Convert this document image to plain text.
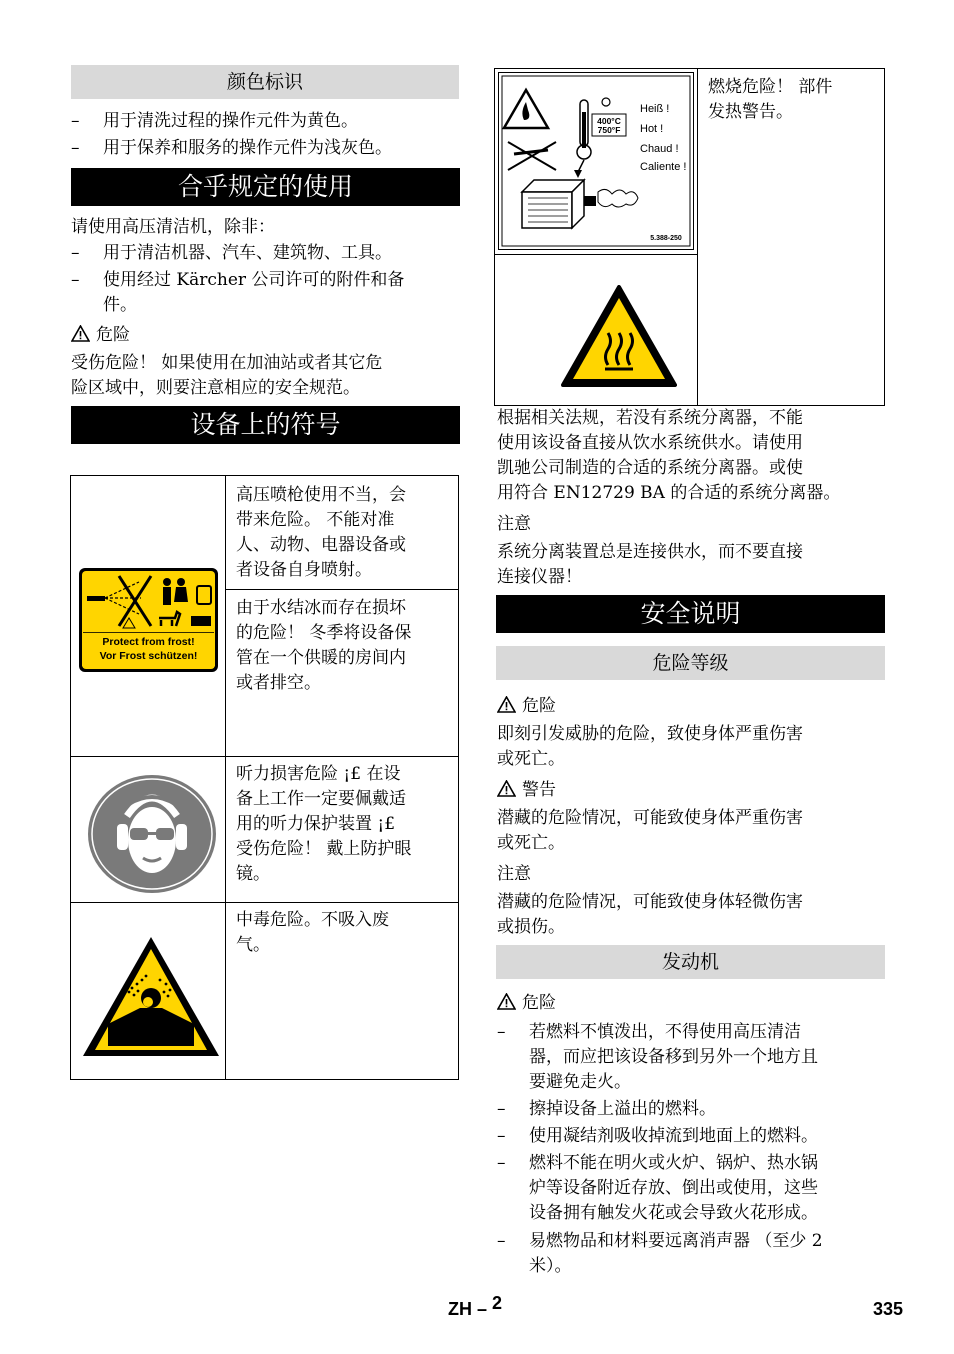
颜色标识
– 用于清洗过程的操作元件为黄色。
– 用于保养和服务的操作元件为浅灰色。
合乎规定的使用
请使用高压清洁机，除非：
– 用于清洁机器、汽车、建筑物、工具。
– 使用经过 Kärcher 公司许可的附件和备
件。
危险
受伤危险！ 如果使用在加油站或者其它危
险区域中，则要注意相应的安全规范。
设备上的符号
Protect from frost!
Vor Frost schützen!
高压喷枪使用不当，会
带来危险。 不能对准
人、动物、电器设备或
者设备自身喷射。
由于水结冰而存在损坏
的危险！ 冬季将设备保
管在一个供暖的房间内
或者排空。
听力损害危险 ¡£ 在设
备上工作一定要佩戴适
用的听力保护装置 ¡£
受伤危险！ 戴上防护眼
镜。
中毒危险。不吸入废
气。
400°C
750°F
Heiß !
Hot !
Chaud !
Caliente !
5.388-250
燃烧危险！ 部件
发热警告。
根据相关法规，若没有系统分离器，不能
使用该设备直接从饮水系统供水。请使用
凯驰公司制造的合适的系统分离器。或使
用符合 EN12729 BA 的合适的系统分离器。
注意
系统分离装置总是连接供水，而不要直接
连接仪器！
安全说明
危险等级
危险
即刻引发威胁的危险，致使身体严重伤害
或死亡。
警告
潜藏的危险情况，可能致使身体严重伤害
或死亡。
注意
潜藏的危险情况，可能致使身体轻微伤害
或损伤。
发动机
危险
– 若燃料不慎泼出，不得使用高压清洁
器，而应把该设备移到另外一个地方且
要避免走火。
– 擦掉设备上溢出的燃料。
– 使用凝结剂吸收掉流到地面上的燃料。
– 燃料不能在明火或火炉、锅炉、热水锅
炉等设备附近存放、倒出或使用，这些
设备拥有触发火花或会导致火花形成。
– 易燃物品和材料要远离消声器 （至少 2
米）。
ZH – 2	335
